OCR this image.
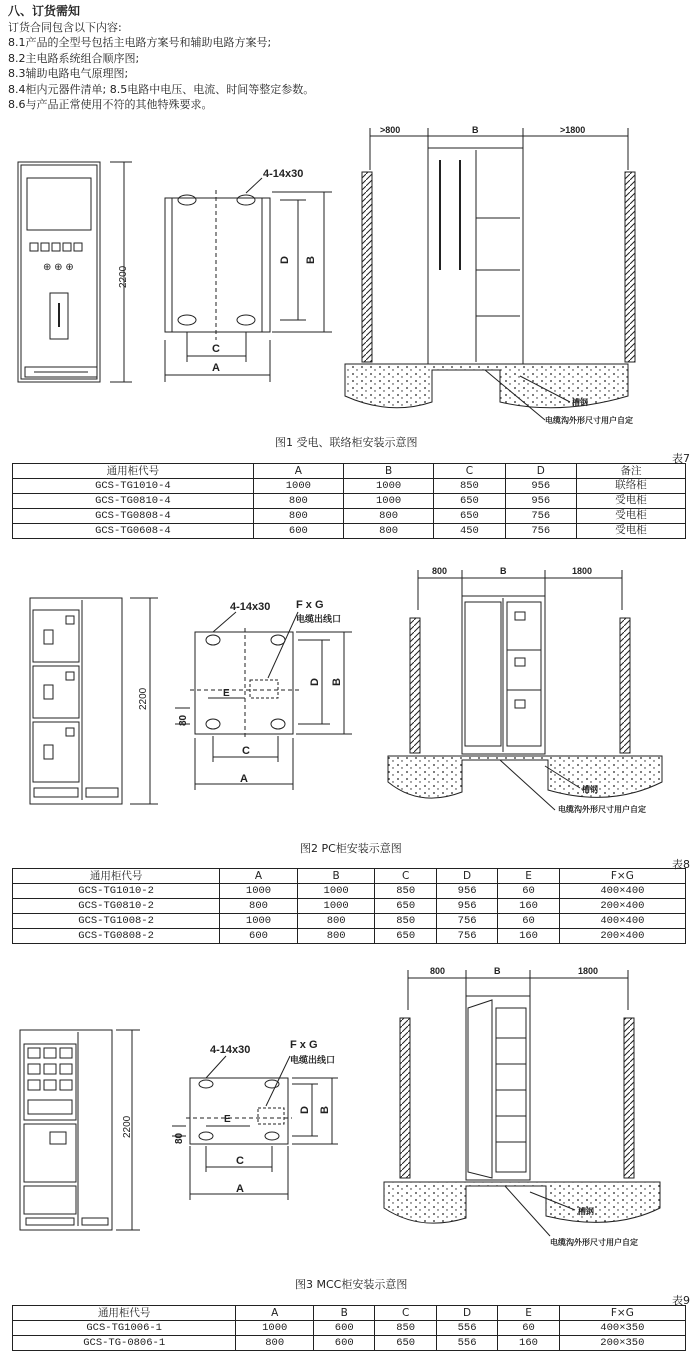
八、订货需知
订货合同包含以下内容:
8.1产品的全型号包括主电路方案号和辅助电路方案号;
8.2主电路系统组合顺序图;
8.3辅助电路电气原理图;
8.4柜内元器件清单; 8.5电路中电压、电流、时间等整定参数。
8.6与产品正常使用不符的其他特殊要求。
⊕ ⊕ ⊕	2200
4-14x30
C
A
D B
>800	B	>1800
槽钢
电缆沟外形尺寸用户自定
图1 受电、联络柜安装示意图
表7
通用柜代号	A	B	C	D	备注
GCS-TG1010-4	1000	1000	850	956	联络柜
GCS-TG0810-4	800	1000	650	956	受电柜
GCS-TG0808-4	800	800	650	756	受电柜
GCS-TG0608-4	600	800	450	756	受电柜
2200
4-14x30 F x G
电缆出线口
E
80
C
A
D B
800	B	1800
槽钢
电缆沟外形尺寸用户自定
图2 PC柜安装示意图
表8
通用柜代号	A	B	C	D	E	F×G
GCS-TG1010-2	1000	1000	850	956	60	400×400
GCS-TG0810-2	800	1000	650	956	160	200×400
GCS-TG1008-2	1000	800	850	756	60	400×400
GCS-TG0808-2	600	800	650	756	160	200×400
2200
4-14x30	F x G
电缆出线口
E
80
C
A
D B
800	B	1800
槽钢
电缆沟外形尺寸用户自定
图3 MCC柜安装示意图
表9
通用柜代号	A	B	C	D	E	F×G
GCS-TG1006-1	1000	600	850	556	60	400×350
GCS-TG-0806-1	800	600	650	556	160	200×350
